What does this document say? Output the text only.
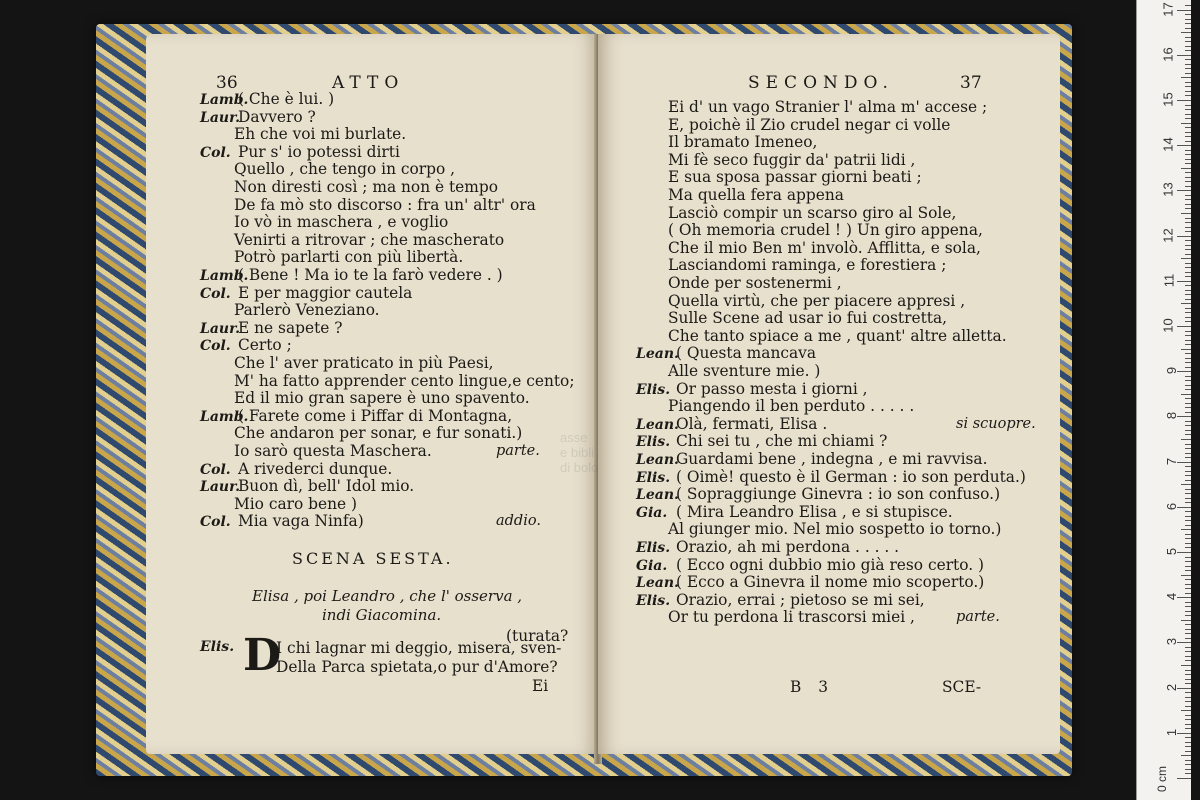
36	ATTO
Lamb.
( Che è lui. )
Laur.
Davvero ?
Eh che voi mi burlate.
Col. Pur s' io potessi dirti
Quello , che tengo in corpo ,
Non diresti così ; ma non è tempo
De fa mò sto discorso : fra un' altr' ora
Io vò in maschera , e voglio
Venirti a ritrovar ; che mascherato
Potrò parlarti con più libertà.
Lamb.
( Bene ! Ma io te la farò vedere . )
Col. E per maggior cautela
Parlerò Veneziano.
Laur.
E ne sapete ?
Col. Certo ;
Che l' aver praticato in più Paesi,
M' ha fatto apprender cento lingue,e cento;
Ed il mio gran sapere è uno spavento.
Lamb.
( Farete come i Piffar di Montagna,
Che andaron per sonar, e fur sonati.)
Io sarò questa Maschera.	parte.
Col. A rivederci dunque.
Laur.
Buon dì, bell' Idol mio.
Mio caro bene )
Col. Mia vaga Ninfa)	addio.
SCENA SESTA.
Elisa , poi Leandro , che l' osserva ,
indi Giacomina.
(turata?
Elis. D
I chi lagnar mi deggio, misera, sven-
Della Parca spietata,o pur d'Amore?
Ei
SECONDO.	37
Ei d' un vago Stranier l' alma m' accese ;
E, poichè il Zio crudel negar ci volle
Il bramato Imeneo,
Mi fè seco fuggir da' patrii lidi ,
E sua sposa passar giorni beati ;
Ma quella fera appena
Lasciò compir un scarso giro al Sole,
( Oh memoria crudel ! ) Un giro appena,
Che il mio Ben m' involò. Afflitta, e sola,
Lasciandomi raminga, e forestiera ;
Onde per sostenermi ,
Quella virtù, che per piacere appresi ,
Sulle Scene ad usar io fui costretta,
Che tanto spiace a me , quant' altre alletta.
Lean.
( Questa mancava
Alle sventure mie. )
Elis. Or passo mesta i giorni ,
Piangendo il ben perduto . . . . .
Lean.
Olà, fermati, Elisa .	si scuopre.
Elis. Chi sei tu , che mi chiami ?
Lean.
Guardami bene , indegna , e mi ravvisa.
Elis. ( Oimè! questo è il German : io son perduta.)
Lean.
( Sopraggiunge Ginevra : io son confuso.)
Gia. ( Mira Leandro Elisa , e si stupisce.
Al giunger mio. Nel mio sospetto io torno.)
Elis. Orazio, ah mi perdona . . . . .
Gia. ( Ecco ogni dubbio mio già reso certo. )
Lean.
( Ecco a Ginevra il nome mio scoperto.)
Elis. Orazio, errai ; pietoso se mi sei,
Or tu perdona li trascorsi miei ,	parte.
B 3	SCE-
asse
e bibli
di bolo
0 cm
1
2
3
4
5
6
7
8
9
10
11
12
13
14
15
16
17
